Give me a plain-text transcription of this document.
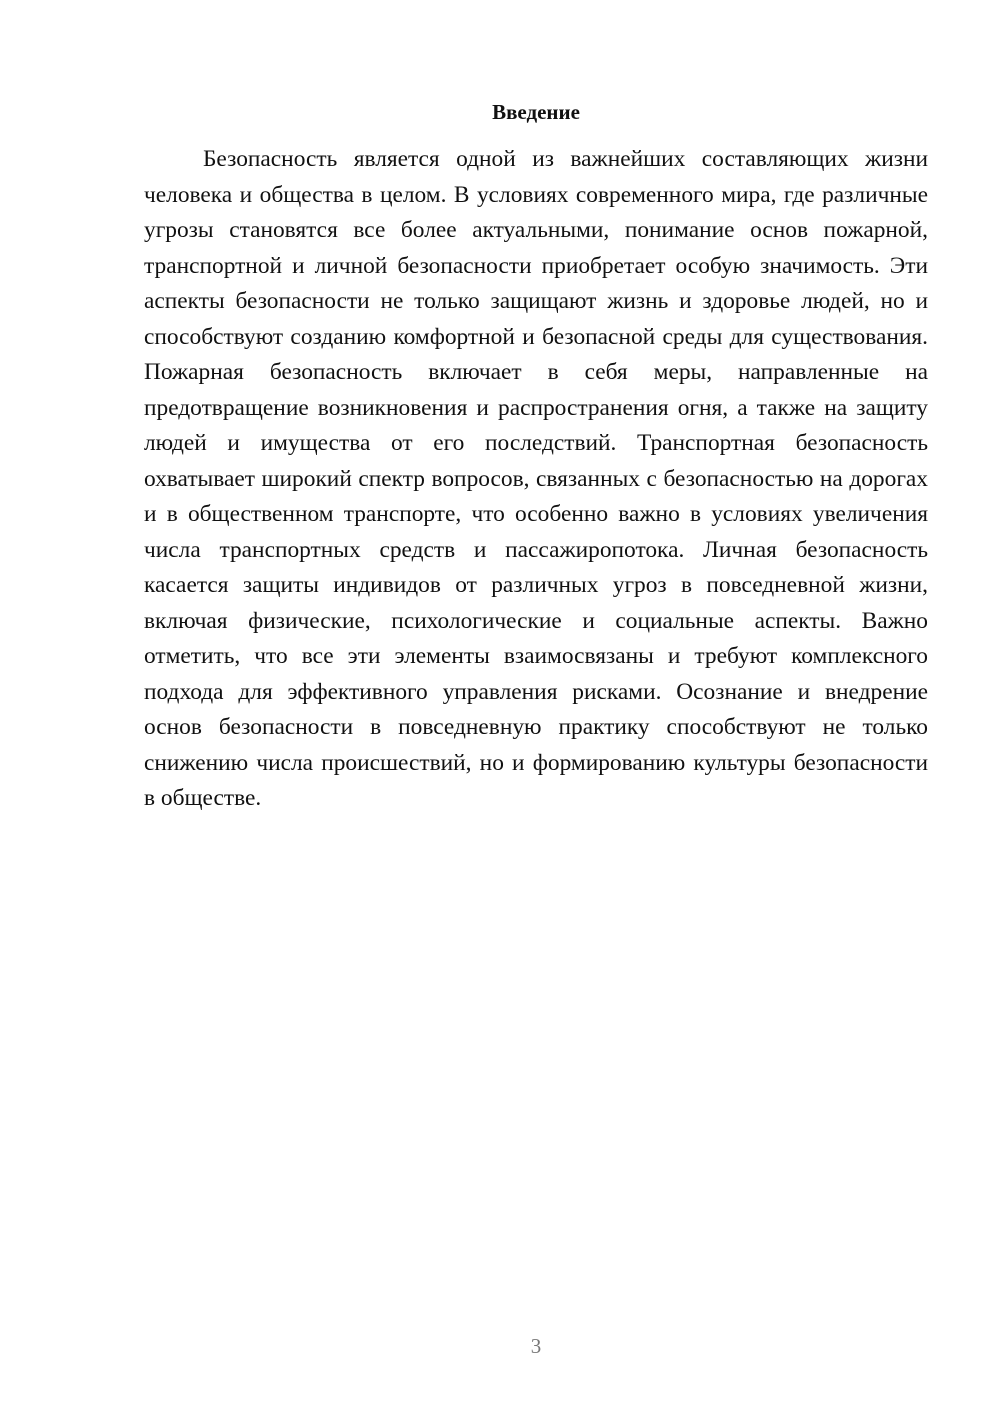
Введение

Безопасность является одной из важнейших составляющих жизни человека и общества в целом. В условиях современного мира, где различные угрозы становятся все более актуальными, понимание основ пожарной, транспортной и личной безопасности приобретает особую значимость. Эти аспекты безопасности не только защищают жизнь и здоровье людей, но и способствуют созданию комфортной и безопасной среды для существования. Пожарная безопасность включает в себя меры, направленные на предотвращение возникновения и распространения огня, а также на защиту людей и имущества от его последствий. Транспортная безопасность охватывает широкий спектр вопросов, связанных с безопасностью на дорогах и в общественном транспорте, что особенно важно в условиях увеличения числа транспортных средств и пассажиропотока. Личная безопасность касается защиты индивидов от различных угроз в повседневной жизни, включая физические, психологические и социальные аспекты. Важно отметить, что все эти элементы взаимосвязаны и требуют комплексного подхода для эффективного управления рисками. Осознание и внедрение основ безопасности в повседневную практику способствуют не только снижению числа происшествий, но и формированию культуры безопасности в обществе.

3
